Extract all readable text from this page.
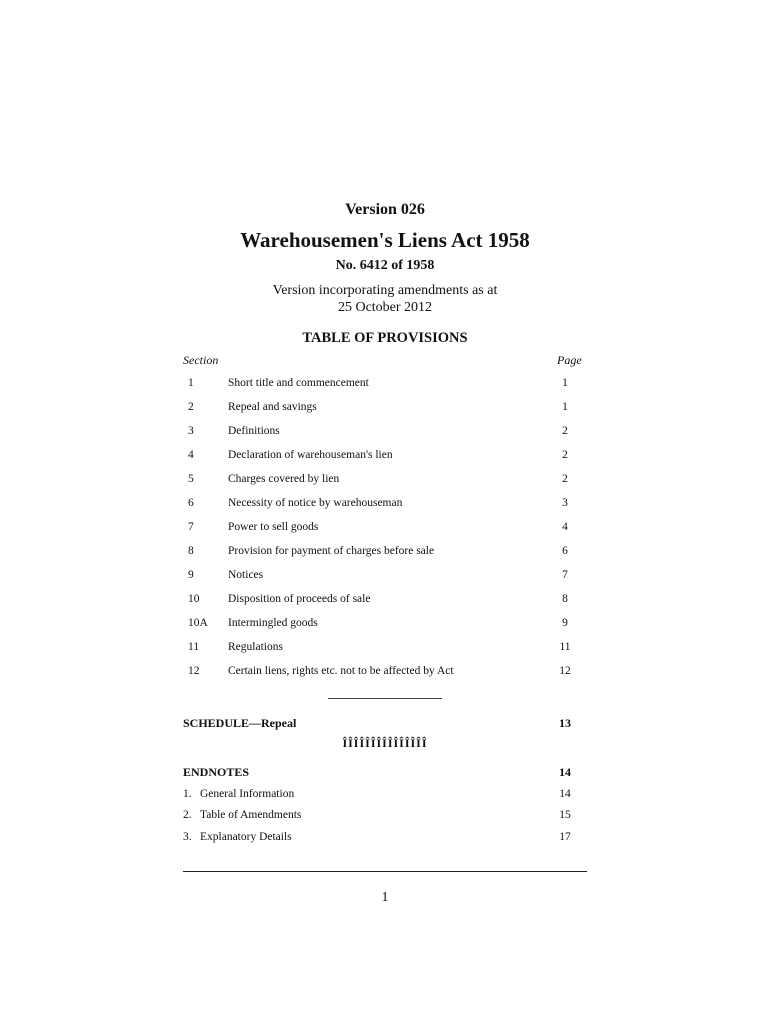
Version 026
Warehousemen's Liens Act 1958
No. 6412 of 1958
Version incorporating amendments as at
25 October 2012
TABLE OF PROVISIONS
Section	Page
1	Short title and commencement	1
2	Repeal and savings	1
3	Definitions	2
4	Declaration of warehouseman's lien	2
5	Charges covered by lien	2
6	Necessity of notice by warehouseman	3
7	Power to sell goods	4
8	Provision for payment of charges before sale	6
9	Notices	7
10	Disposition of proceeds of sale	8
10A	Intermingled goods	9
11	Regulations	11
12	Certain liens, rights etc. not to be affected by Act	12
SCHEDULE—Repeal	13
ÎÎÎÎÎÎÎÎÎÎÎÎÎÎÎ
ENDNOTES	14
1. General Information	14
2. Table of Amendments	15
3. Explanatory Details	17
1
